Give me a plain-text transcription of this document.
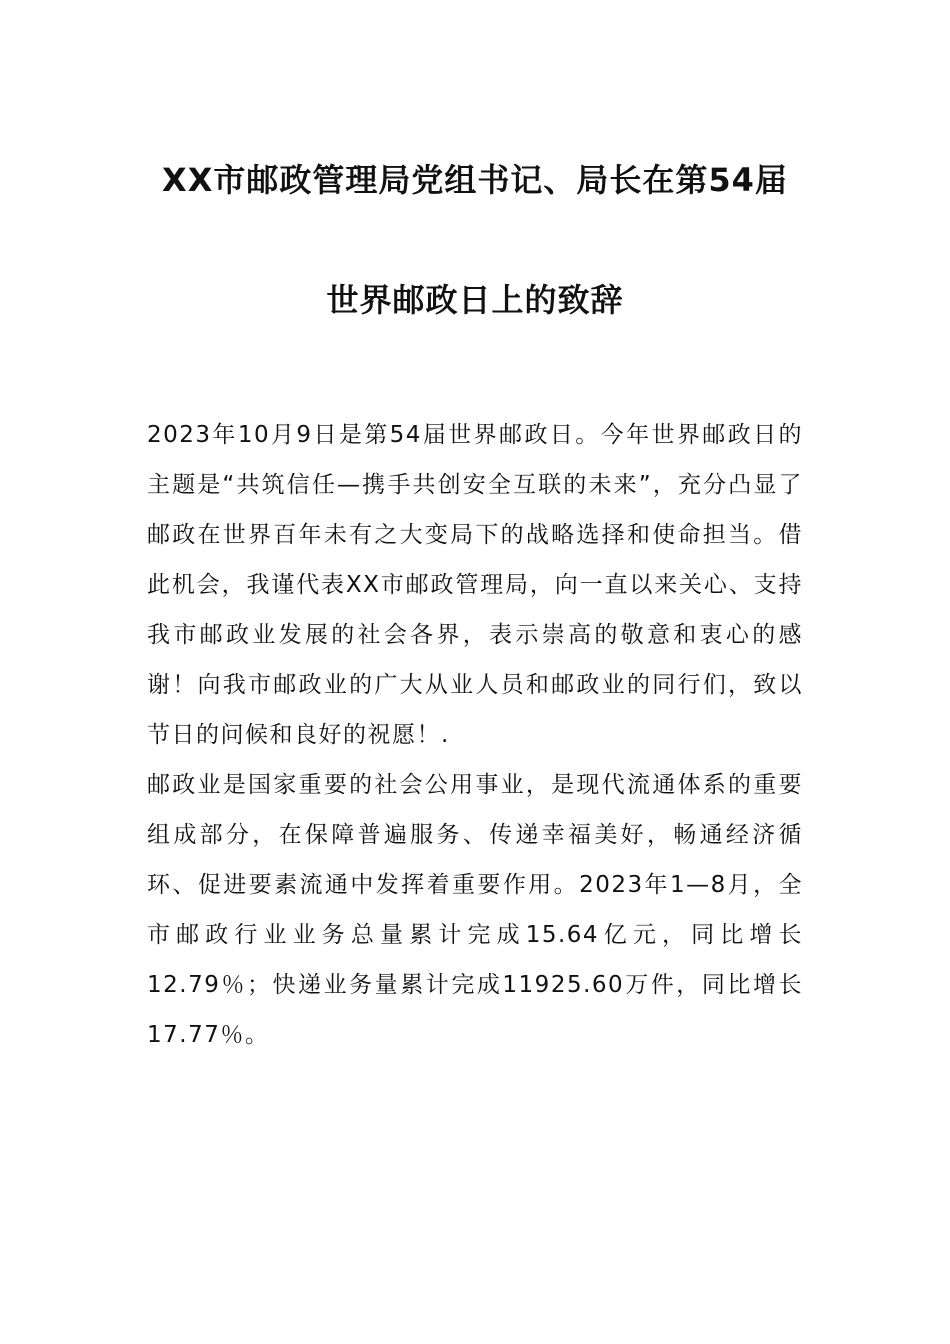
XX市邮政管理局党组书记、局长在第54届
世界邮政日上的致辞

2023年10月9日是第54届世界邮政日。今年世界邮政日的主题是“共筑信任—携手共创安全互联的未来”，充分凸显了邮政在世界百年未有之大变局下的战略选择和使命担当。借此机会，我谨代表XX市邮政管理局，向一直以来关心、支持我市邮政业发展的社会各界，表示崇高的敬意和衷心的感谢！向我市邮政业的广大从业人员和邮政业的同行们，致以节日的问候和良好的祝愿！.

邮政业是国家重要的社会公用事业，是现代流通体系的重要组成部分，在保障普遍服务、传递幸福美好，畅通经济循环、促进要素流通中发挥着重要作用。2023年1—8月，全市邮政行业业务总量累计完成15.64亿元，同比增长12.79％；快递业务量累计完成11925.60万件，同比增长17.77％。
